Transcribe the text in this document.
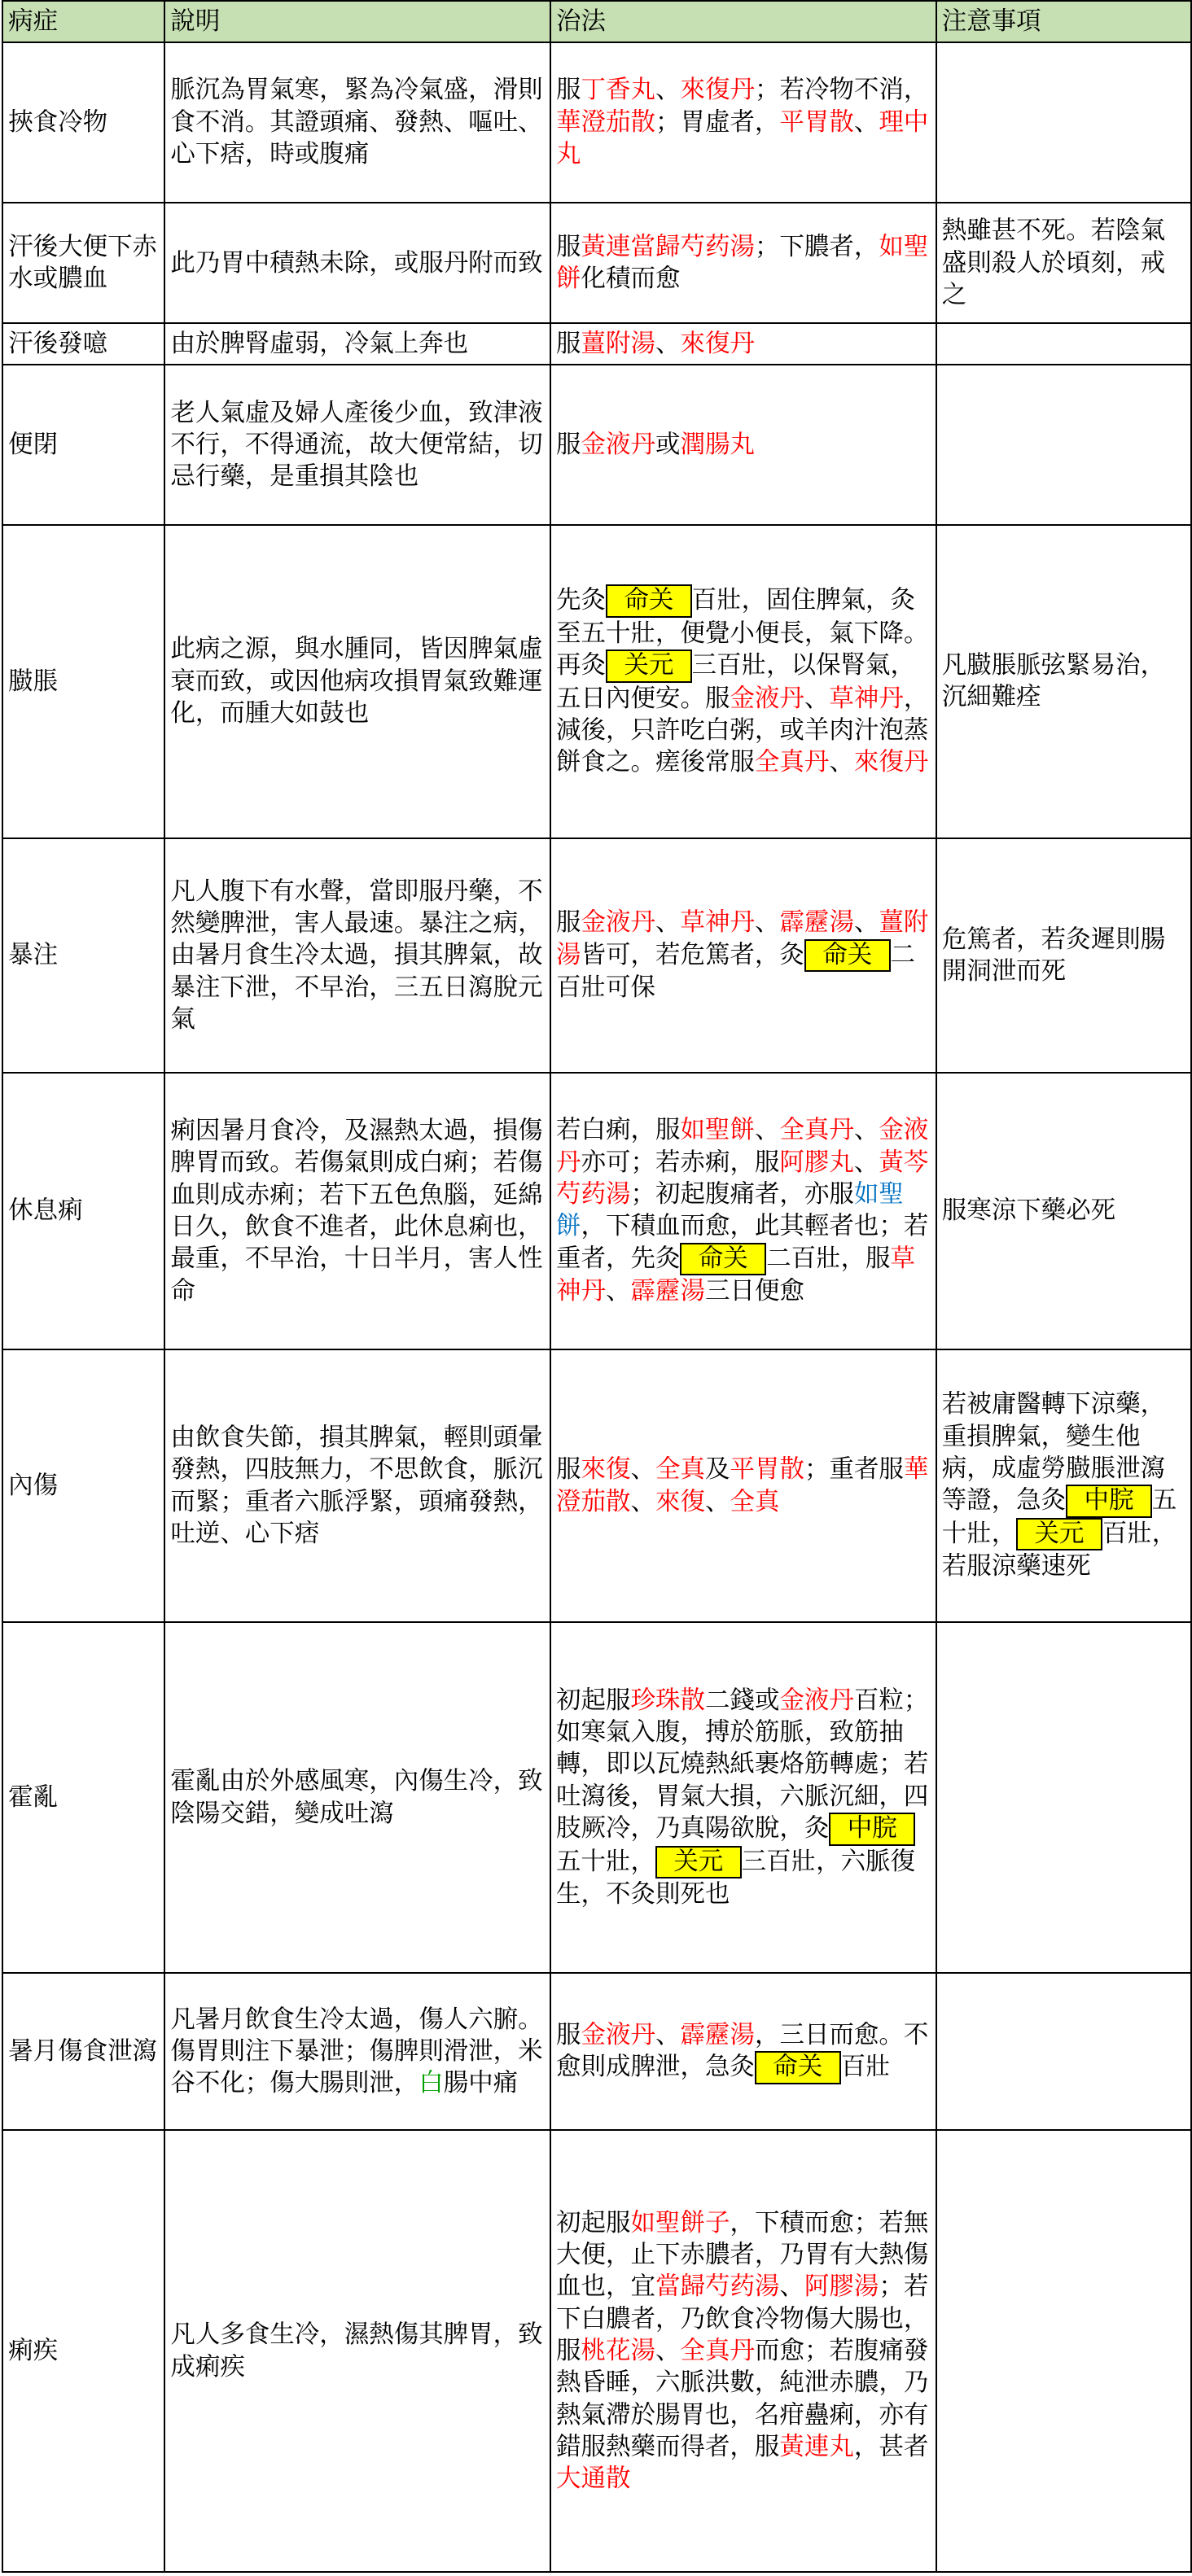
病症	說明	治法	注意事項
挾食冷物	脈沉為胃氣寒，緊為冷氣盛，滑則食不消。其證頭痛、發熱、嘔吐、心下痞，時或腹痛	服丁香丸、來復丹；若冷物不消，華澄茄散；胃虛者，平胃散、理中丸	
汗後大便下赤水或膿血	此乃胃中積熱未除，或服丹附而致	服黃連當歸芍药湯；下膿者，如聖餅化積而愈	熱雖甚不死。若陰氣盛則殺人於頃刻，戒之
汗後發噫	由於脾腎虛弱，冷氣上奔也	服薑附湯、來復丹	
便閉	老人氣虛及婦人產後少血，致津液不行，不得通流，故大便常結，切忌行藥，是重損其陰也	服金液丹或潤腸丸	
臌脹	此病之源，與水腫同，皆因脾氣虛衰而致，或因他病攻損胃氣致難運化，而腫大如鼓也	先灸 命关 百壯，固住脾氣，灸至五十壯，便覺小便長，氣下降。再灸 关元 三百壯，以保腎氣，五日內便安。服金液丹、草神丹，減後，只許吃白粥，或羊肉汁泡蒸餅食之。瘥後常服全真丹、來復丹	凡臌脹脈弦緊易治，沉細難痊
暴注	凡人腹下有水聲，當即服丹藥，不然變脾泄，害人最速。暴注之病，由暑月食生冷太過，損其脾氣，故暴注下泄，不早治，三五日瀉脫元氣	服金液丹、草神丹、霹靂湯、薑附湯皆可，若危篤者，灸 命关 二百壯可保	危篤者，若灸遲則腸開洞泄而死
休息痢	痢因暑月食冷，及濕熱太過，損傷脾胃而致。若傷氣則成白痢；若傷血則成赤痢；若下五色魚腦，延綿日久，飲食不進者，此休息痢也，最重，不早治，十日半月，害人性命	若白痢，服如聖餅、全真丹、金液丹亦可；若赤痢，服阿膠丸、黃芩芍药湯；初起腹痛者，亦服如聖餅，下積血而愈，此其輕者也；若重者，先灸 命关 二百壯，服草神丹、霹靂湯三日便愈	服寒涼下藥必死
內傷	由飲食失節，損其脾氣，輕則頭暈發熱，四肢無力，不思飲食，脈沉而緊；重者六脈浮緊，頭痛發熱，吐逆、心下痞	服來復、全真及平胃散；重者服華澄茄散、來復、全真	若被庸醫轉下涼藥，重損脾氣，變生他病，成虛勞臌脹泄瀉等證，急灸 中脘 五十壯， 关元 百壯，若服涼藥速死
霍亂	霍亂由於外感風寒，內傷生冷，致陰陽交錯，變成吐瀉	初起服珍珠散二錢或金液丹百粒；如寒氣入腹，搏於筋脈，致筋抽轉，即以瓦燒熱紙裹烙筋轉處；若吐瀉後，胃氣大損，六脈沉細，四肢厥冷，乃真陽欲脫，灸 中脘五十壯， 关元 三百壯，六脈復生，不灸則死也	
暑月傷食泄瀉	凡暑月飲食生冷太過，傷人六腑。傷胃則注下暴泄；傷脾則滑泄，米谷不化；傷大腸則泄，白腸中痛	服金液丹、霹靂湯，三日而愈。不愈則成脾泄，急灸 命关 百壯	
痢疾	凡人多食生冷，濕熱傷其脾胃，致成痢疾	初起服如聖餅子，下積而愈；若無大便，止下赤膿者，乃胃有大熱傷血也，宜當歸芍药湯、阿膠湯；若下白膿者，乃飲食冷物傷大腸也，服桃花湯、全真丹而愈；若腹痛發熱昏睡，六脈洪數，純泄赤膿，乃熱氣滯於腸胃也，名疳蠱痢，亦有錯服熱藥而得者，服黃連丸，甚者大通散	
